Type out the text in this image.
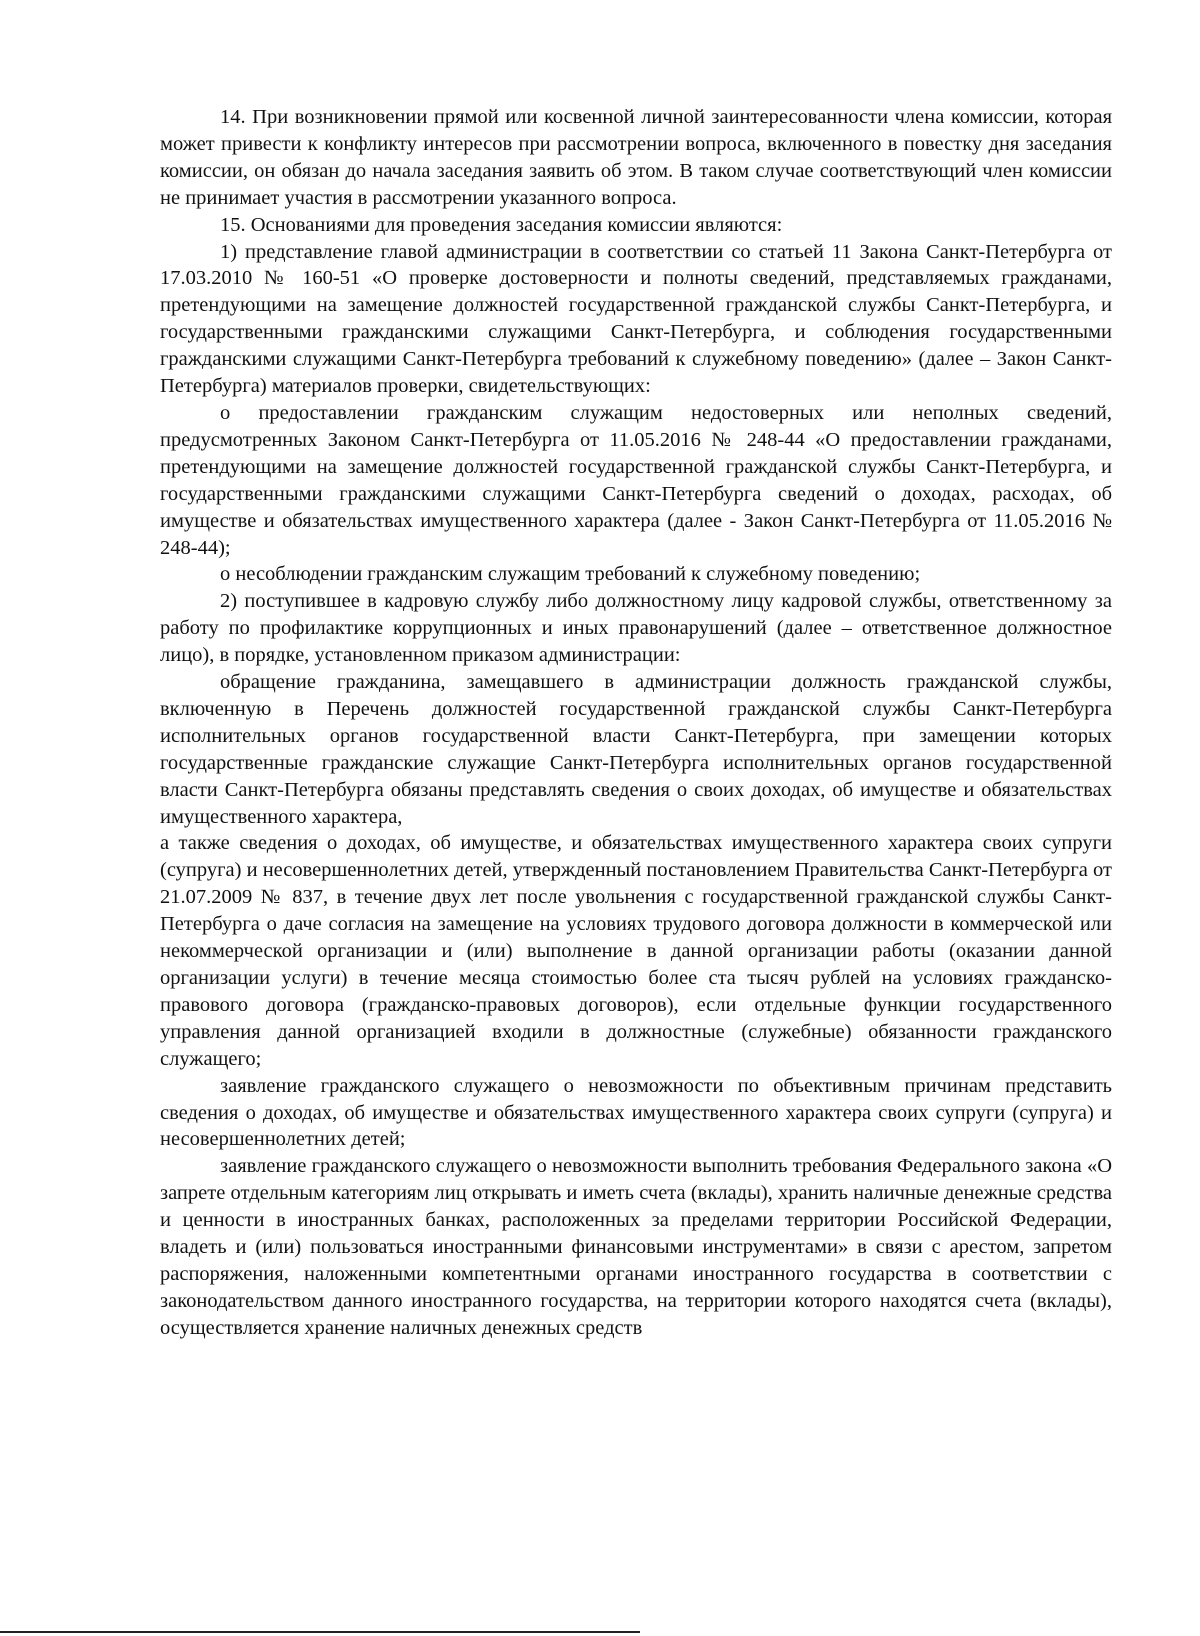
14. При возникновении прямой или косвенной личной заинтересованности члена комиссии, которая может привести к конфликту интересов при рассмотрении вопроса, включенного в повестку дня заседания комиссии, он обязан до начала заседания заявить об этом. В таком случае соответствующий член комиссии не принимает участия в рассмотрении указанного вопроса.

15. Основаниями для проведения заседания комиссии являются:

1) представление главой администрации в соответствии со статьей 11 Закона Санкт-Петербурга от 17.03.2010 № 160-51 «О проверке достоверности и полноты сведений, представляемых гражданами, претендующими на замещение должностей государственной гражданской службы Санкт-Петербурга, и государственными гражданскими служащими Санкт-Петербурга, и соблюдения государственными гражданскими служащими Санкт-Петербурга требований к служебному поведению» (далее – Закон Санкт-Петербурга) материалов проверки, свидетельствующих:

о предоставлении гражданским служащим недостоверных или неполных сведений, предусмотренных Законом Санкт-Петербурга от 11.05.2016 № 248-44 «О предоставлении гражданами, претендующими на замещение должностей государственной гражданской службы Санкт-Петербурга, и государственными гражданскими служащими Санкт-Петербурга сведений о доходах, расходах, об имуществе и обязательствах имущественного характера (далее - Закон Санкт-Петербурга от 11.05.2016 № 248-44);

о несоблюдении гражданским служащим требований к служебному поведению;

2) поступившее в кадровую службу либо должностному лицу кадровой службы, ответственному за работу по профилактике коррупционных и иных правонарушений (далее – ответственное должностное лицо), в порядке, установленном приказом администрации:

обращение гражданина, замещавшего в администрации должность гражданской службы, включенную в Перечень должностей государственной гражданской службы Санкт-Петербурга исполнительных органов государственной власти Санкт-Петербурга, при замещении которых государственные гражданские служащие Санкт-Петербурга исполнительных органов государственной власти Санкт-Петербурга обязаны представлять сведения о своих доходах, об имуществе и обязательствах имущественного характера,

а также сведения о доходах, об имуществе, и обязательствах имущественного характера своих супруги (супруга) и несовершеннолетних детей, утвержденный постановлением Правительства Санкт-Петербурга от 21.07.2009 № 837, в течение двух лет после увольнения с государственной гражданской службы Санкт-Петербурга о даче согласия на замещение на условиях трудового договора должности в коммерческой или некоммерческой организации и (или) выполнение в данной организации работы (оказании данной организации услуги) в течение месяца стоимостью более ста тысяч рублей на условиях гражданско-правового договора (гражданско-правовых договоров), если отдельные функции государственного управления данной организацией входили в должностные (служебные) обязанности гражданского служащего;

заявление гражданского служащего о невозможности по объективным причинам представить сведения о доходах, об имуществе и обязательствах имущественного характера своих супруги (супруга) и несовершеннолетних детей;

заявление гражданского служащего о невозможности выполнить требования Федерального закона «О запрете отдельным категориям лиц открывать и иметь счета (вклады), хранить наличные денежные средства и ценности в иностранных банках, расположенных за пределами территории Российской Федерации, владеть и (или) пользоваться иностранными финансовыми инструментами» в связи с арестом, запретом распоряжения, наложенными компетентными органами иностранного государства в соответствии с законодательством данного иностранного государства, на территории которого находятся счета (вклады), осуществляется хранение наличных денежных средств
